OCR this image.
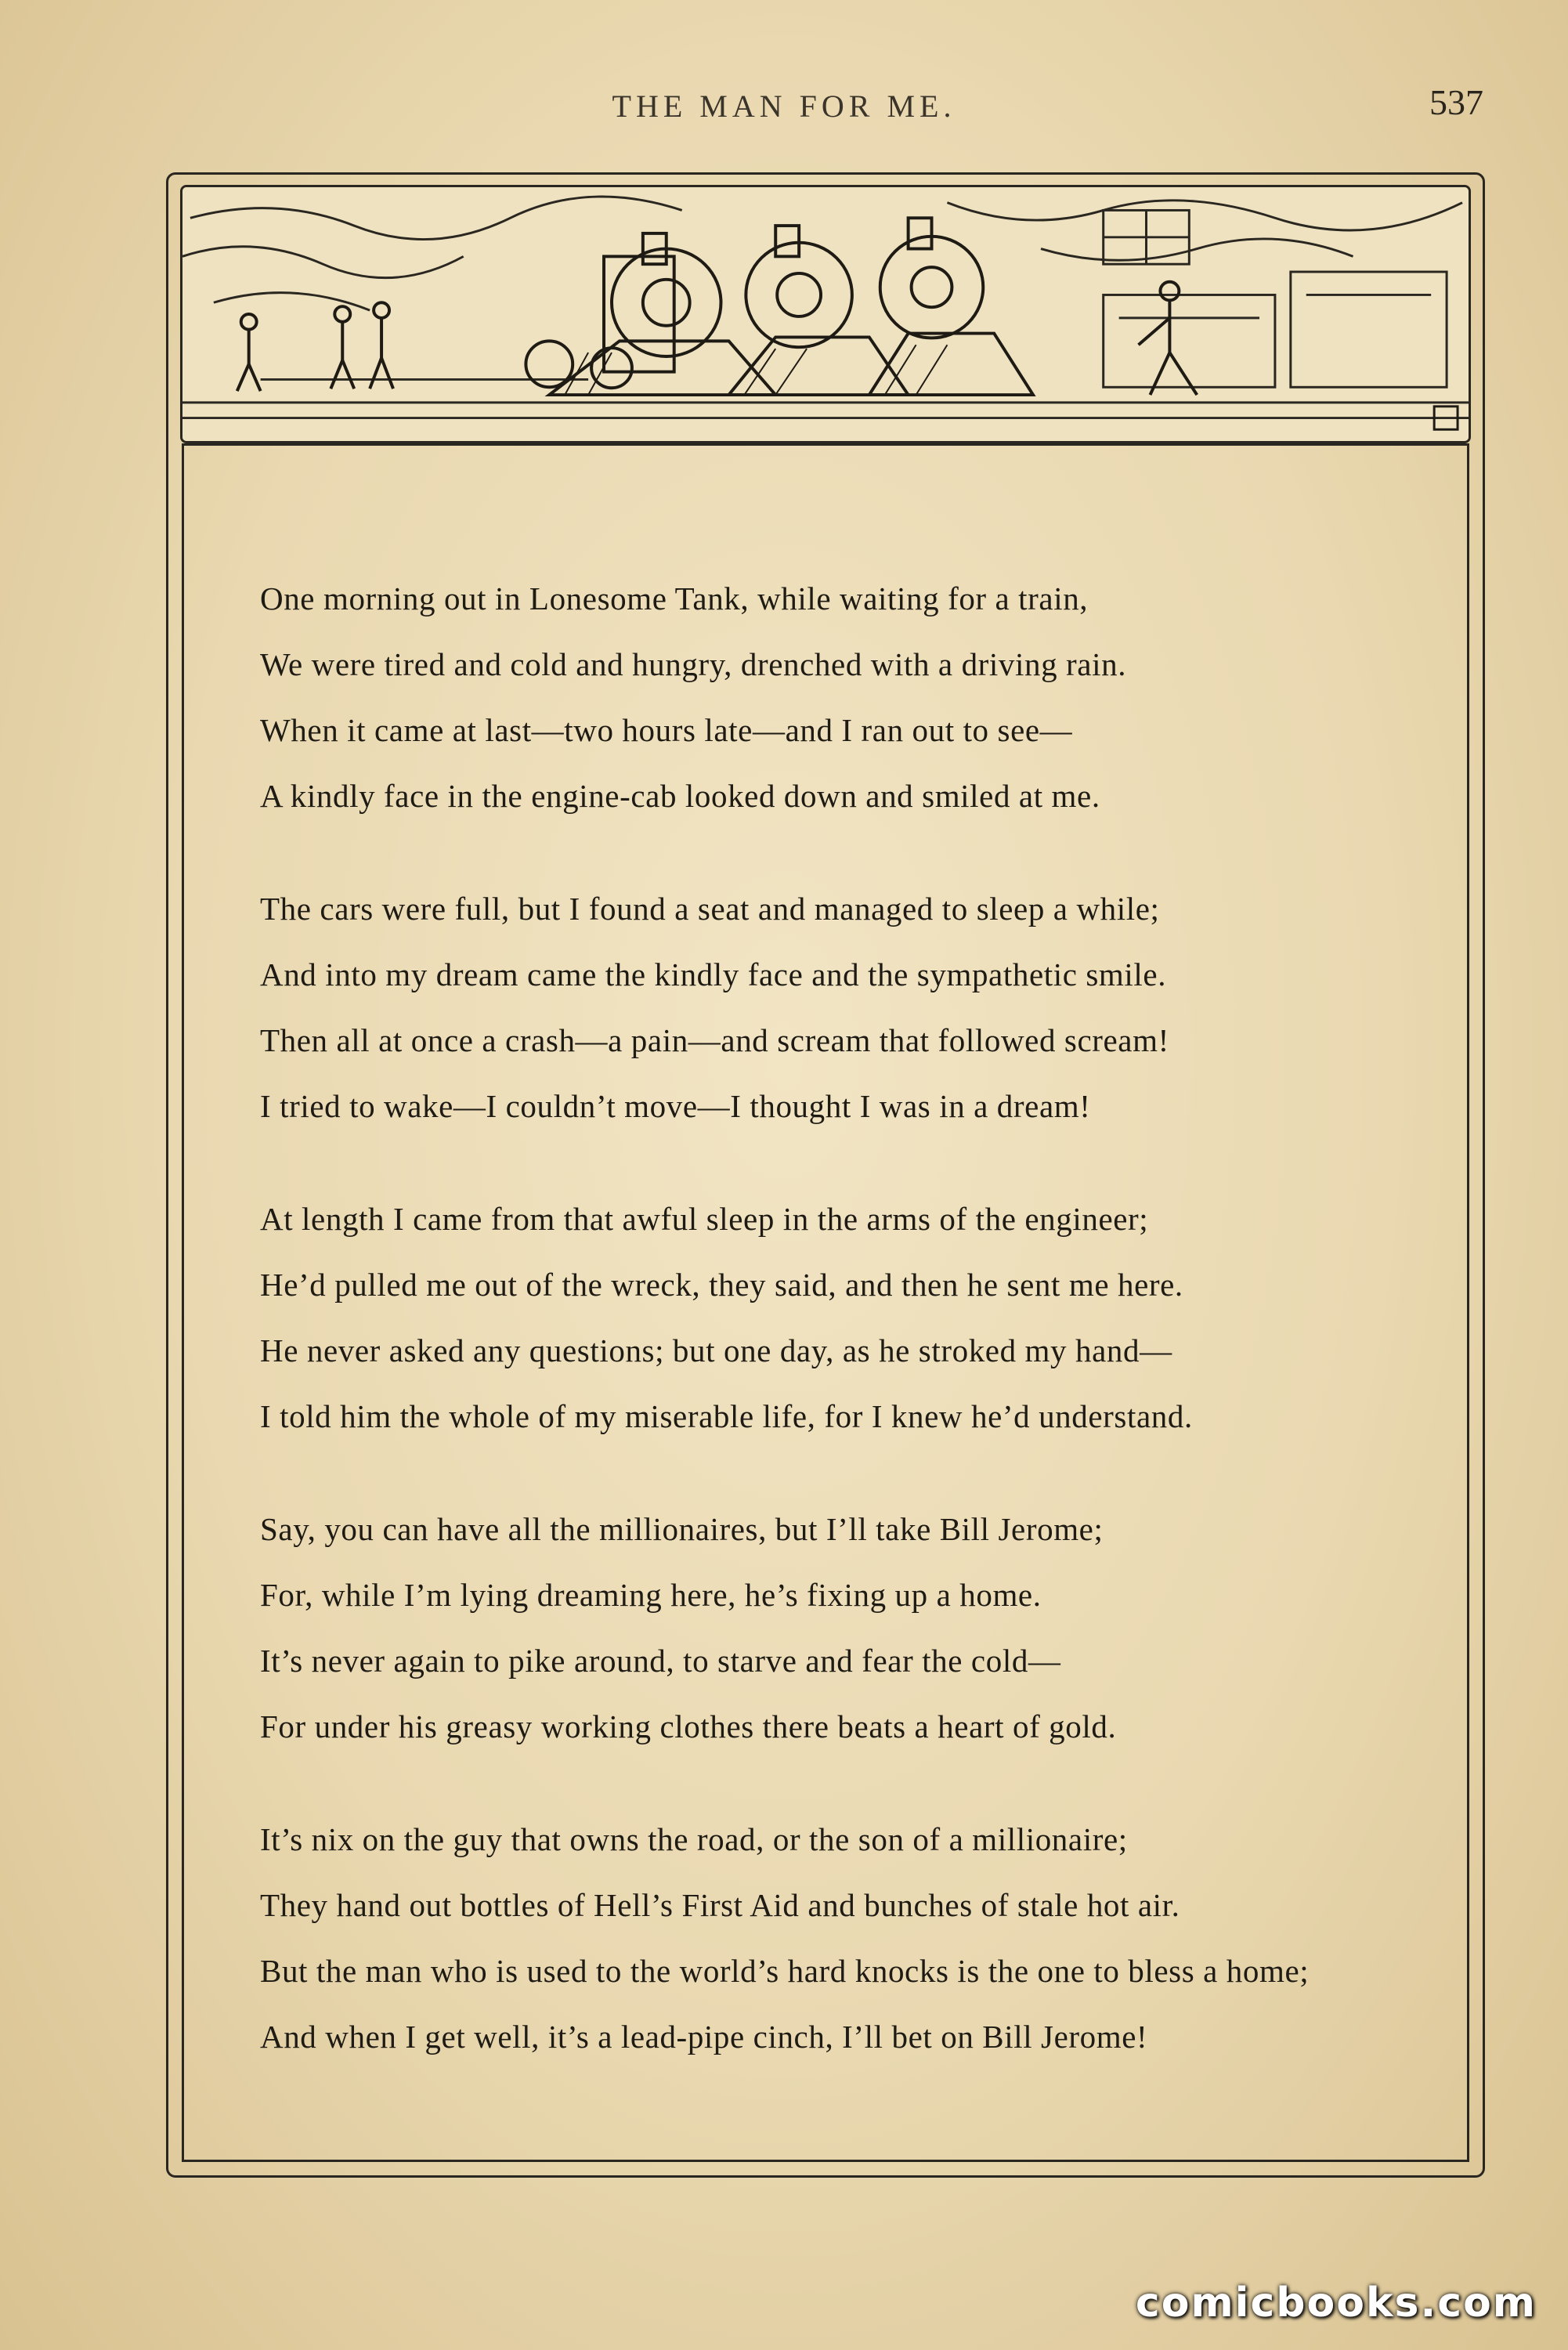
THE MAN FOR ME.	537
One morning out in Lonesome Tank, while waiting for a train,
We were tired and cold and hungry, drenched with a driving rain.
When it came at last—two hours late—and I ran out to see—
A kindly face in the engine-cab looked down and smiled at me.
The cars were full, but I found a seat and managed to sleep a while;
And into my dream came the kindly face and the sympathetic smile.
Then all at once a crash—a pain—and scream that followed scream!
I tried to wake—I couldn’t move—I thought I was in a dream!
At length I came from that awful sleep in the arms of the engineer;
He’d pulled me out of the wreck, they said, and then he sent me here.
He never asked any questions; but one day, as he stroked my hand—
I told him the whole of my miserable life, for I knew he’d understand.
Say, you can have all the millionaires, but I’ll take Bill Jerome;
For, while I’m lying dreaming here, he’s fixing up a home.
It’s never again to pike around, to starve and fear the cold—
For under his greasy working clothes there beats a heart of gold.
It’s nix on the guy that owns the road, or the son of a millionaire;
They hand out bottles of Hell’s First Aid and bunches of stale hot air.
But the man who is used to the world’s hard knocks is the one to bless a home;
And when I get well, it’s a lead-pipe cinch, I’ll bet on Bill Jerome!
comicbooks.com
